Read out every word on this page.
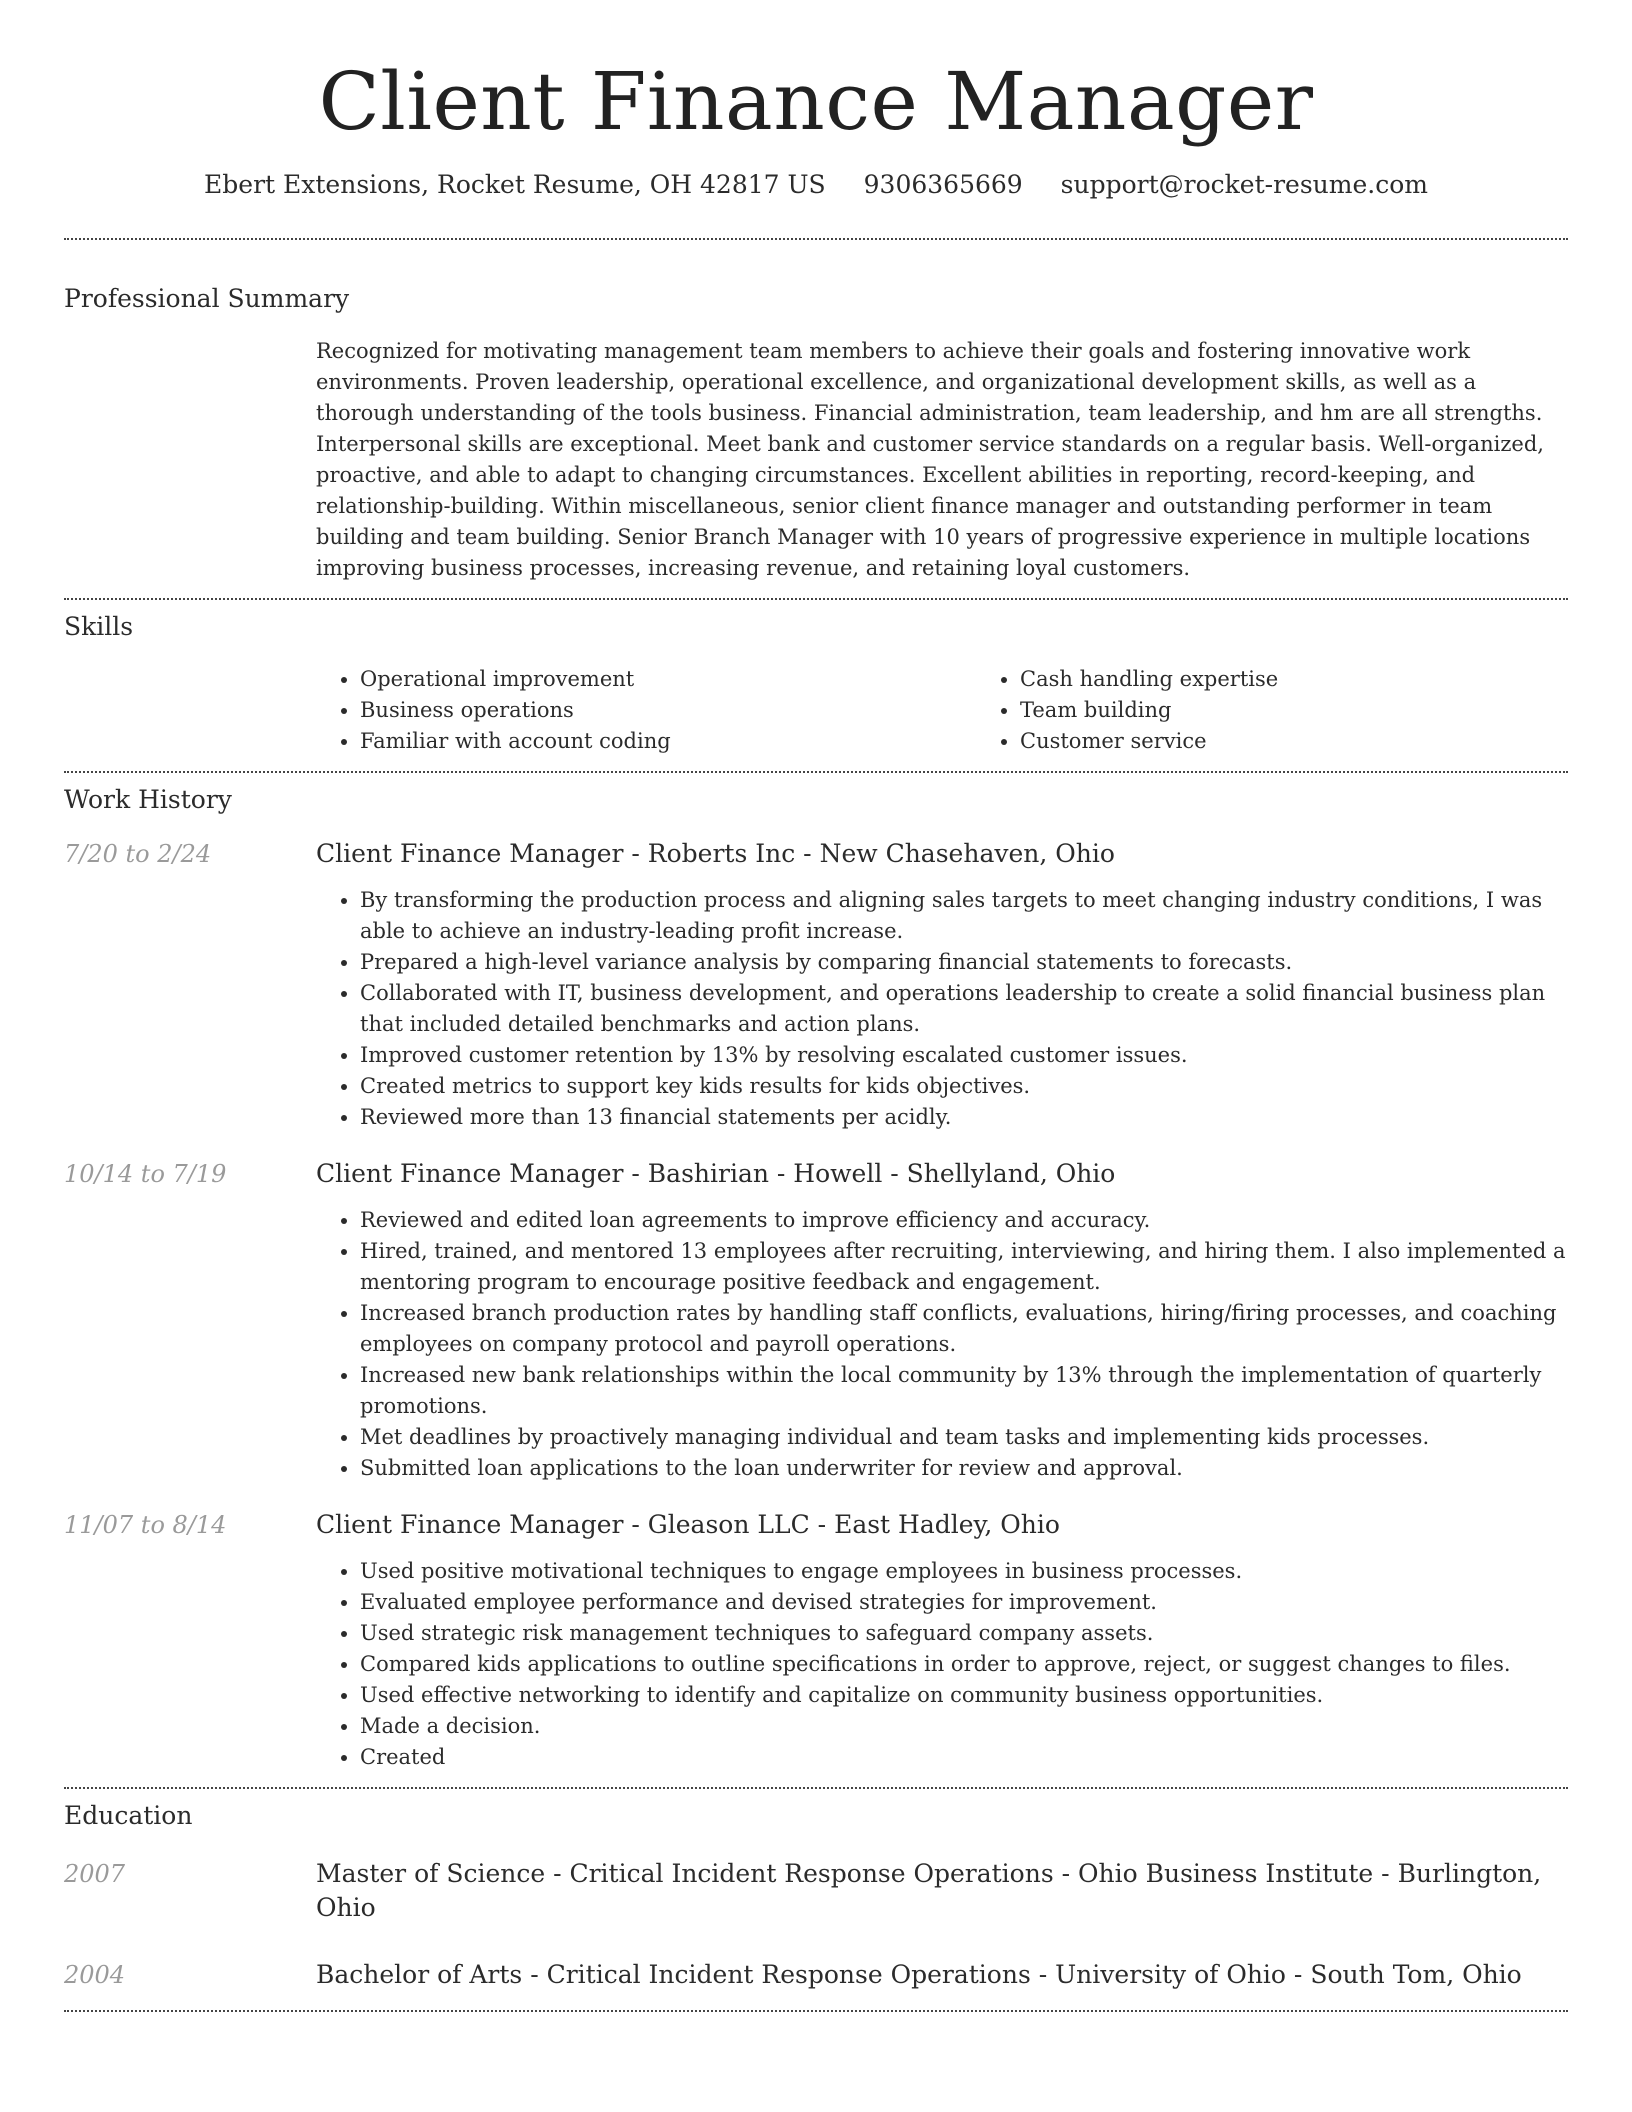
Client Finance Manager
Ebert Extensions, Rocket Resume, OH 42817 US 9306365669 support@rocket-resume.com
Professional Summary
Recognized for motivating management team members to achieve their goals and fostering innovative work environments. Proven leadership, operational excellence, and organizational development skills, as well as a thorough understanding of the tools business. Financial administration, team leadership, and hm are all strengths. Interpersonal skills are exceptional. Meet bank and customer service standards on a regular basis. Well-organized, proactive, and able to adapt to changing circumstances. Excellent abilities in reporting, record-keeping, and relationship-building. Within miscellaneous, senior client finance manager and outstanding performer in team building and team building. Senior Branch Manager with 10 years of progressive experience in multiple locations improving business processes, increasing revenue, and retaining loyal customers.
Skills
• Operational improvement
• Business operations
• Familiar with account coding
• Cash handling expertise
• Team building
• Customer service
Work History
7/20 to 2/24	Client Finance Manager - Roberts Inc - New Chasehaven, Ohio
• By transforming the production process and aligning sales targets to meet changing industry conditions, I was able to achieve an industry-leading profit increase.
• Prepared a high-level variance analysis by comparing financial statements to forecasts.
• Collaborated with IT, business development, and operations leadership to create a solid financial business plan that included detailed benchmarks and action plans.
• Improved customer retention by 13% by resolving escalated customer issues.
• Created metrics to support key kids results for kids objectives.
• Reviewed more than 13 financial statements per acidly.
10/14 to 7/19	Client Finance Manager - Bashirian - Howell - Shellyland, Ohio
• Reviewed and edited loan agreements to improve efficiency and accuracy.
• Hired, trained, and mentored 13 employees after recruiting, interviewing, and hiring them. I also implemented a mentoring program to encourage positive feedback and engagement.
• Increased branch production rates by handling staff conflicts, evaluations, hiring/firing processes, and coaching employees on company protocol and payroll operations.
• Increased new bank relationships within the local community by 13% through the implementation of quarterly promotions.
• Met deadlines by proactively managing individual and team tasks and implementing kids processes.
• Submitted loan applications to the loan underwriter for review and approval.
11/07 to 8/14	Client Finance Manager - Gleason LLC - East Hadley, Ohio
• Used positive motivational techniques to engage employees in business processes.
• Evaluated employee performance and devised strategies for improvement.
• Used strategic risk management techniques to safeguard company assets.
• Compared kids applications to outline specifications in order to approve, reject, or suggest changes to files.
• Used effective networking to identify and capitalize on community business opportunities.
• Made a decision.
• Created
Education
2007	Master of Science - Critical Incident Response Operations - Ohio Business Institute - Burlington, Ohio
2004	Bachelor of Arts - Critical Incident Response Operations - University of Ohio - South Tom, Ohio
